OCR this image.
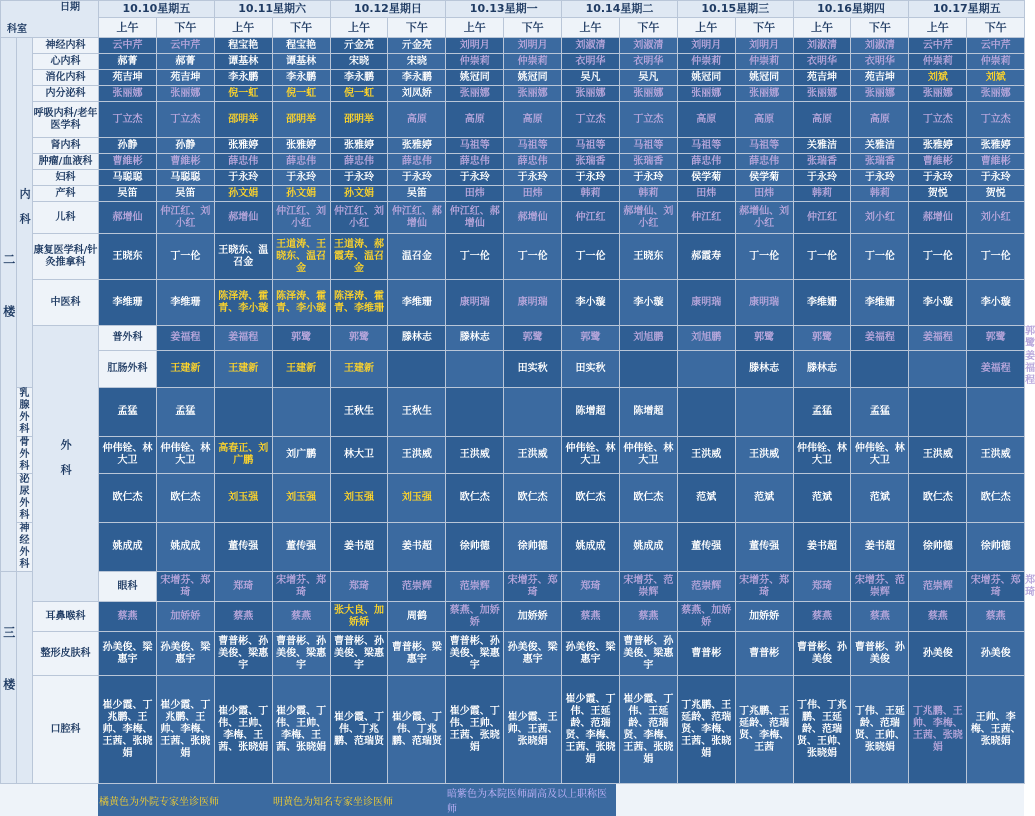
日期
科室			10.10星期五		10.11星期六		10.12星期日		10.13星期一		10.14星期二		10.15星期三		10.16星期四		10.17星期五		
			上午	下午	上午	下午	上午	下午	上午	下午	上午	下午	上午	下午	上午	下午	上午	下午	
二楼	内科	神经内科	云中芹	云中芹	程宝艳	程宝艳	亓金亮	亓金亮	刘明月	刘明月	刘淑清	刘淑清	刘明月	刘明月	刘淑清	刘淑清	云中芹	云中芹	
		心内科	郝菁	郝菁	谭基林	谭基林	宋晓	宋晓	仲崇莉	仲崇莉	衣明华	衣明华	仲崇莉	仲崇莉	衣明华	衣明华	仲崇莉	仲崇莉	
		消化内科	苑吉坤	苑吉坤	李永鹏	李永鹏	李永鹏	李永鹏	姚冠同	姚冠同	吴凡	吴凡	姚冠同	姚冠同	苑吉坤	苑吉坤	刘斌	刘斌	
		内分泌科	张丽娜	张丽娜	倪一虹	倪一虹	倪一虹	刘凤娇	张丽娜	张丽娜	张丽娜	张丽娜	张丽娜	张丽娜	张丽娜	张丽娜	张丽娜	张丽娜	
		呼吸内科/老年医学科	丁立杰	丁立杰	邵明举	邵明举	邵明举	高原	高原	高原	丁立杰	丁立杰	高原	高原	高原	高原	丁立杰	丁立杰	
		肾内科	孙静	孙静	张雅婷	张雅婷	张雅婷	张雅婷	马祖等	马祖等	马祖等	马祖等	马祖等	马祖等	关雅洁	关雅洁	张雅婷	张雅婷	
		肿瘤/血液科	曹維彬	曹維彬	薛忠伟	薛忠伟	薛忠伟	薛忠伟	薛忠伟	薛忠伟	张瑞香	张瑞香	薛忠伟	薛忠伟	张瑞香	张瑞香	曹維彬	曹維彬	
		妇科	马聪聪	马聪聪	于永玲	于永玲	于永玲	于永玲	于永玲	于永玲	于永玲	于永玲	侯学菊	侯学菊	于永玲	于永玲	于永玲	于永玲	
		产科	吴笛	吴笛	孙文娟	孙文娟	孙文娟	吴笛	田炜	田炜	韩莉	韩莉	田炜	田炜	韩莉	韩莉	贺悦	贺悦	
		儿科	郝增仙	仲江红、刘小红	郝增仙	仲江红、刘小红	仲江红、刘小红	仲江红、郝增仙	仲江红、郝增仙	郝增仙	仲江红	郝增仙、刘小红	仲江红	郝增仙、刘小红	仲江红	刘小红	郝增仙	刘小红	
		康复医学科/针灸推拿科	王晓东	丁一伦	王晓东、温召金	王道涛、王晓东、温召金	王道涛、郝霞寿、温召金	温召金	丁一伦	丁一伦	丁一伦	王晓东	郝霞寿	丁一伦	丁一伦	丁一伦	丁一伦	丁一伦	
		中医科	李维珊	李维珊	陈泽涛、霍青、李小璇	陈泽涛、霍青、李小璇	陈泽涛、霍青、李维珊	李维珊	康明瑞	康明瑞	李小璇	李小璇	康明瑞	康明瑞	李维姗	李维姗	李小璇	李小璇	
		外科	普外科	姜福程	姜福程	郭鹭	郭鹭	滕林志	滕林志	郭鹭	郭鹭	刘旭鹏	刘旭鹏	郭鹭	郭鹭	姜福程	姜福程	郭鹭	郭鹭
			肛肠外科	王建新	王建新	王建新	王建新			田实秋	田实秋			滕林志	滕林志			姜福程	姜福程
	乳腺外科		孟猛	孟猛			王秋生	王秋生			陈增超	陈增超			孟猛	孟猛			
	骨外科		仲伟铨、林大卫	仲伟铨、林大卫	高春正、刘广鹏	刘广鹏	林大卫	王洪威	王洪威	王洪威	仲伟铨、林大卫	仲伟铨、林大卫	王洪威	王洪威	仲伟铨、林大卫	仲伟铨、林大卫	王洪威	王洪威	
	泌尿外科		欧仁杰	欧仁杰	刘玉强	刘玉强	刘玉强	刘玉强	欧仁杰	欧仁杰	欧仁杰	欧仁杰	范斌	范斌	范斌	范斌	欧仁杰	欧仁杰	
	神经外科		姚成成	姚成成	董传强	董传强	姜书超	姜书超	徐帅德	徐帅德	姚成成	姚成成	董传强	董传强	姜书超	姜书超	徐帅德	徐帅德	
三楼			眼科	宋增芬、郑琦	郑琦	宋增芬、郑琦	郑琦	范崇辉	范崇辉	宋增芬、郑琦	郑琦	宋增芬、范崇辉	范崇辉	宋增芬、郑琦	郑琦	宋增芬、范崇辉	范崇辉	宋增芬、郑琦	郑琦
		耳鼻喉科	蔡燕	加娇娇	蔡燕	蔡燕	张大良、加娇娇	周鹤	蔡燕、加娇娇	加娇娇	蔡燕	蔡燕	蔡燕、加娇娇	加娇娇	蔡燕	蔡燕	蔡燕	蔡燕	
		整形皮肤科	孙美俊、梁惠宇	孙美俊、梁惠宇	曹普彬、孙美俊、梁惠宇	曹普彬、孙美俊、梁惠宇	曹普彬、孙美俊、梁惠宇	曹普彬、梁惠宇	曹普彬、孙美俊、梁惠宇	孙美俊、梁惠宇	孙美俊、梁惠宇	曹普彬、孙美俊、梁惠宇	曹普彬	曹普彬	曹普彬、孙美俊	曹普彬、孙美俊	孙美俊	孙美俊	
		口腔科	崔少霞、丁兆鹏、王帅、李梅、王茜、张晓娟	崔少霞、丁兆鹏、王帅、李梅、王茜、张晓娟	崔少霞、丁伟、王帅、李梅、王茜、张晓娟	崔少霞、丁伟、王帅、李梅、王茜、张晓娟	崔少霞、丁伟、丁兆鹏、范瑞贤	崔少霞、丁伟、丁兆鹏、范瑞贤	崔少霞、丁伟、王帅、王茜、张晓娟	崔少霞、王帅、王茜、张晓娟	崔少霞、丁伟、王延龄、范瑞贤、李梅、王茜、张晓娟	崔少霞、丁伟、王延龄、范瑞贤、李梅、王茜、张晓娟	丁兆鹏、王延龄、范瑞贤、李梅、王茜、张晓娟	丁兆鹏、王延龄、范瑞贤、李梅、王茜	丁伟、丁兆鹏、王延龄、范瑞贤、王帅、张晓娟	丁伟、王延龄、范瑞贤、王帅、张晓娟	丁兆鹏、王帅、李梅、王茜、张晓娟	王帅、李梅、王茜、张晓娟	
	橘黄色为外院专家坐诊医师	明黄色为知名专家坐诊医师	暗紫色为本院医师副高及以上职称医师	
